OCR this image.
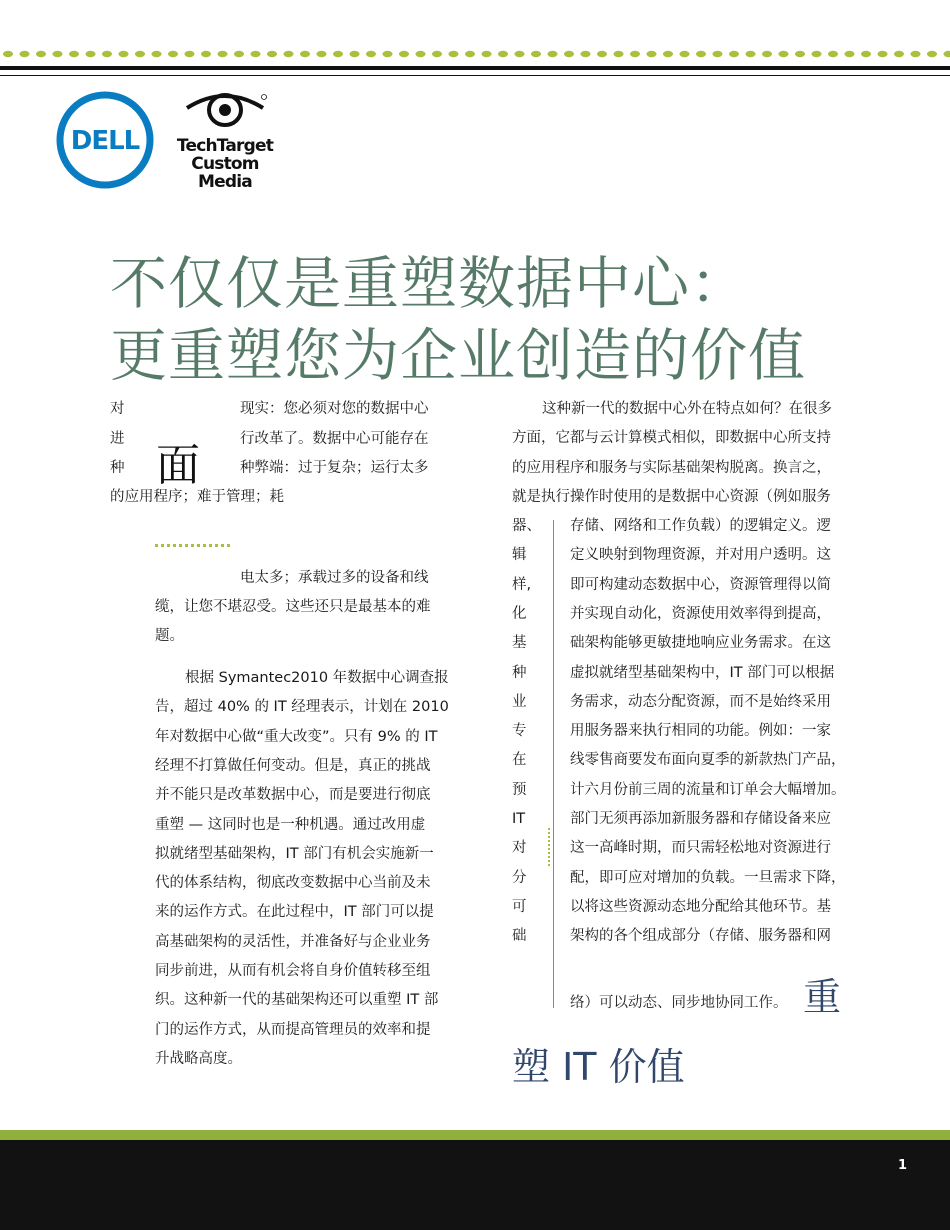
DELL TechTarget
Custom
Media
不仅仅是重塑数据中心：
更重塑您为企业创造的价值
对
进
种
现实：您必须对您的数据中心
行改革了。数据中心可能存在
种弊端：过于复杂；运行太多
的应用程序；难于管理；耗
面
电太多；承载过多的设备和线
缆，让您不堪忍受。这些还只是最基本的难
题。
根据 Symantec2010 年数据中心调查报
告，超过 40% 的 IT 经理表示，计划在 2010
年对数据中心做“重大改变”。只有 9% 的 IT
经理不打算做任何变动。但是，真正的挑战
并不能只是改革数据中心，而是要进行彻底
重塑 — 这同时也是一种机遇。通过改用虚
拟就绪型基础架构，IT 部门有机会实施新一
代的体系结构，彻底改变数据中心当前及未
来的运作方式。在此过程中，IT 部门可以提
高基础架构的灵活性，并准备好与企业业务
同步前进，从而有机会将自身价值转移至组
织。这种新一代的基础架构还可以重塑 IT 部
门的运作方式，从而提高管理员的效率和提
升战略高度。
这种新一代的数据中心外在特点如何？在很多
方面，它都与云计算模式相似，即数据中心所支持
的应用程序和服务与实际基础架构脱离。换言之，
就是执行操作时使用的是数据中心资源（例如服务
器、
辑
样,
化
基
种
业
专
在
预
IT
对
分
可
础
存储、网络和工作负载）的逻辑定义。逻
定义映射到物理资源，并对用户透明。这
即可构建动态数据中心，资源管理得以简
并实现自动化，资源使用效率得到提高，
础架构能够更敏捷地响应业务需求。在这
虚拟就绪型基础架构中，IT 部门可以根据
务需求，动态分配资源，而不是始终采用
用服务器来执行相同的功能。例如：一家
线零售商要发布面向夏季的新款热门产品，
计六月份前三周的流量和订单会大幅增加。
部门无须再添加新服务器和存储设备来应
这一高峰时期，而只需轻松地对资源进行
配，即可应对增加的负载。一旦需求下降，
以将这些资源动态地分配给其他环节。基
架构的各个组成部分（存储、服务器和网
络）可以动态、同步地协同工作。 重
塑 IT 价值
1
